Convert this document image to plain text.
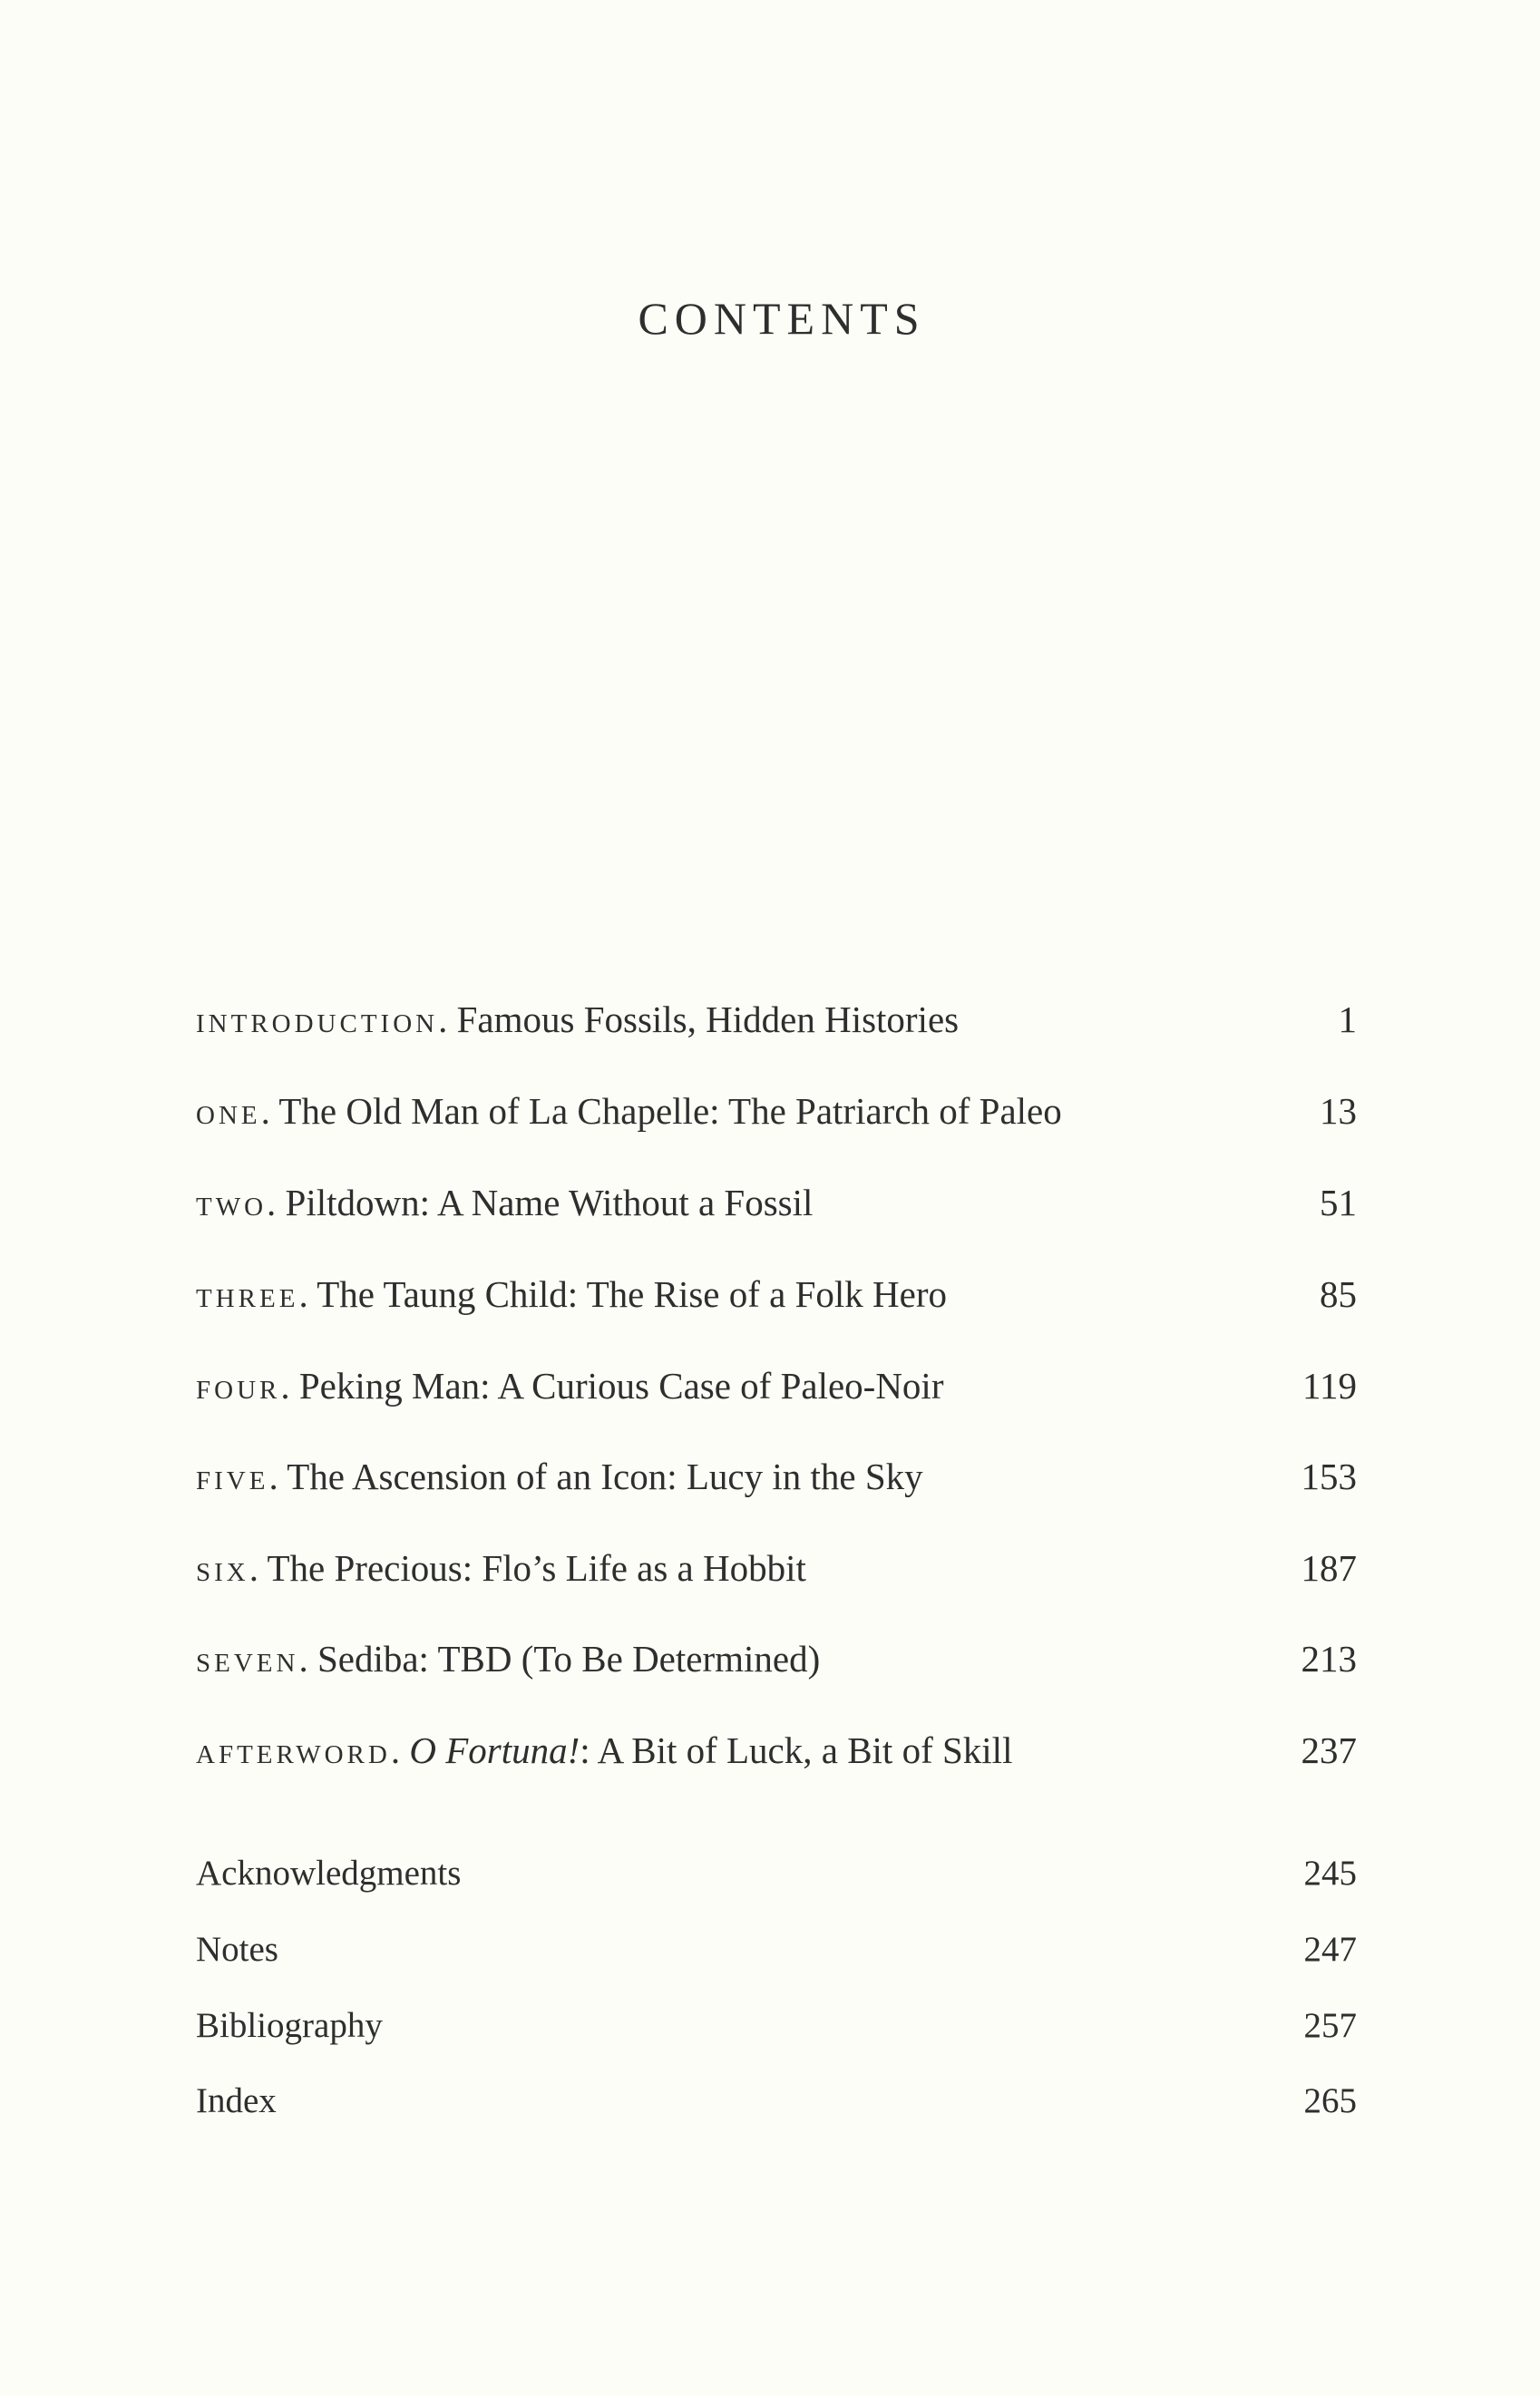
CONTENTS
INTRODUCTION. Famous Fossils, Hidden Histories	1
ONE. The Old Man of La Chapelle: The Patriarch of Paleo	13
TWO. Piltdown: A Name Without a Fossil	51
THREE. The Taung Child: The Rise of a Folk Hero	85
FOUR. Peking Man: A Curious Case of Paleo-Noir	119
FIVE. The Ascension of an Icon: Lucy in the Sky	153
SIX. The Precious: Flo’s Life as a Hobbit	187
SEVEN. Sediba: TBD (To Be Determined)	213
AFTERWORD. O Fortuna!: A Bit of Luck, a Bit of Skill	237
Acknowledgments	245
Notes	247
Bibliography	257
Index	265
